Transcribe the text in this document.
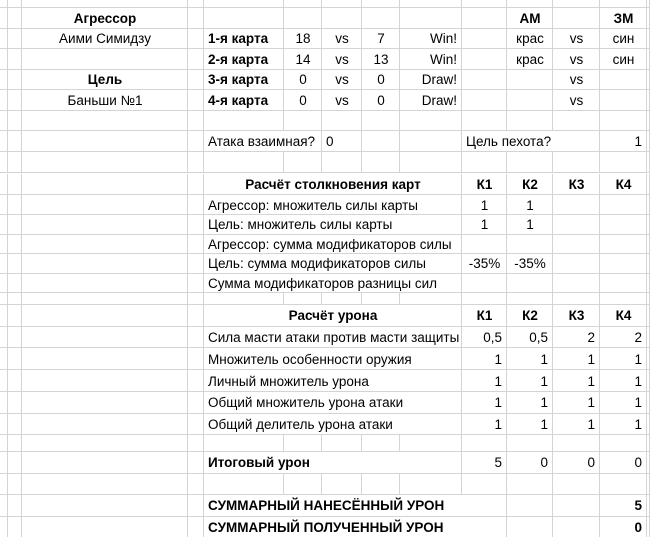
Агрессор	АМ	ЗМ
Аими Симидзу	1-я карта	18	vs	7	Win!	крас	vs	син
2-я карта	14	vs	13	Win!	крас	vs	син
Цель	3-я карта	0	vs	0	Draw!	vs
Баньши №1	4-я карта	0	vs	0	Draw!	vs
Атака взаимная? 0	Цель пехота?	1
Расчёт столкновения карт	К1	К2	К3	К4
Агрессор: множитель силы карты	1	1
Цель: множитель силы карты	1	1
Агрессор: сумма модификаторов силы
Цель: сумма модификаторов силы	-35%	-35%
Сумма модификаторов разницы сил
Расчёт урона	К1	К2	К3	К4
Сила масти атаки против масти защиты	0,5	0,5	2	2
Множитель особенности оружия	1	1	1	1
Личный множитель урона	1	1	1	1
Общий множитель урона атаки	1	1	1	1
Общий делитель урона атаки	1	1	1	1
Итоговый урон	5	0	0	0
СУММАРНЫЙ НАНЕСЁННЫЙ УРОН	5
СУММАРНЫЙ ПОЛУЧЕННЫЙ УРОН	0
